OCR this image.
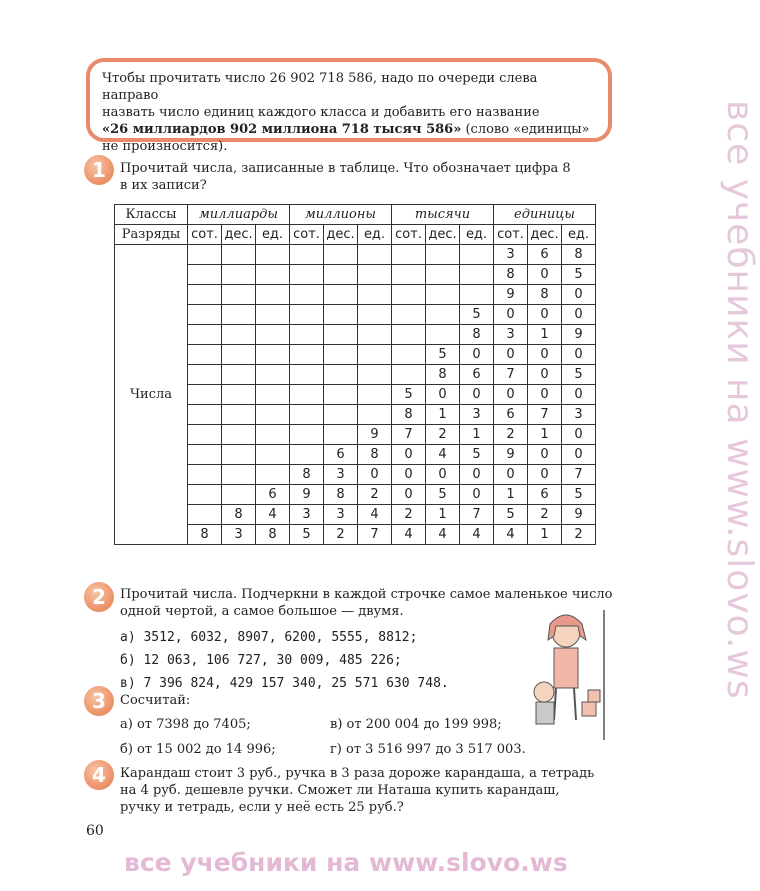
Чтобы прочитать число 26 902 718 586, надо по очереди слева направо
назвать число единиц каждого класса и добавить его название
«26 миллиардов 902 миллиона 718 тысяч 586» (слово «единицы»
не произносится).
1	Прочитай числа, записанные в таблице. Что обозначает цифра 8
в их записи?
Классы	миллиарды			миллионы			тысячи			единицы		
Разряды	сот.	дес.	ед.	сот.	дес.	ед.	сот.	дес.	ед.	сот.	дес.	ед.
Числа										3	6	8
										8	0	5
										9	8	0
									5	0	0	0
									8	3	1	9
								5	0	0	0	0
								8	6	7	0	5
							5	0	0	0	0	0
							8	1	3	6	7	3
						9	7	2	1	2	1	0
					6	8	0	4	5	9	0	0
				8	3	0	0	0	0	0	0	7
			6	9	8	2	0	5	0	1	6	5
		8	4	3	3	4	2	1	7	5	2	9
	8	3	8	5	2	7	4	4	4	4	1	2
2	Прочитай числа. Подчеркни в каждой строчке самое маленькое число
одной чертой, а самое большое — двумя.
а) 3512, 6032, 8907, 6200, 5555, 8812;
б) 12 063, 106 727, 30 009, 485 226;
в) 7 396 824, 429 157 340, 25 571 630 748.
3	Сосчитай:
а) от 7398 до 7405;
б) от 15 002 до 14 996;
в) от 200 004 до 199 998;
г) от 3 516 997 до 3 517 003.
4	Карандаш стоит 3 руб., ручка в 3 раза дороже карандаша, а тетрадь
на 4 руб. дешевле ручки. Сможет ли Наташа купить карандаш,
ручку и тетрадь, если у неё есть 25 руб.?
60
все учебники на www.slovo.ws
все учебники на www.slovo.ws
